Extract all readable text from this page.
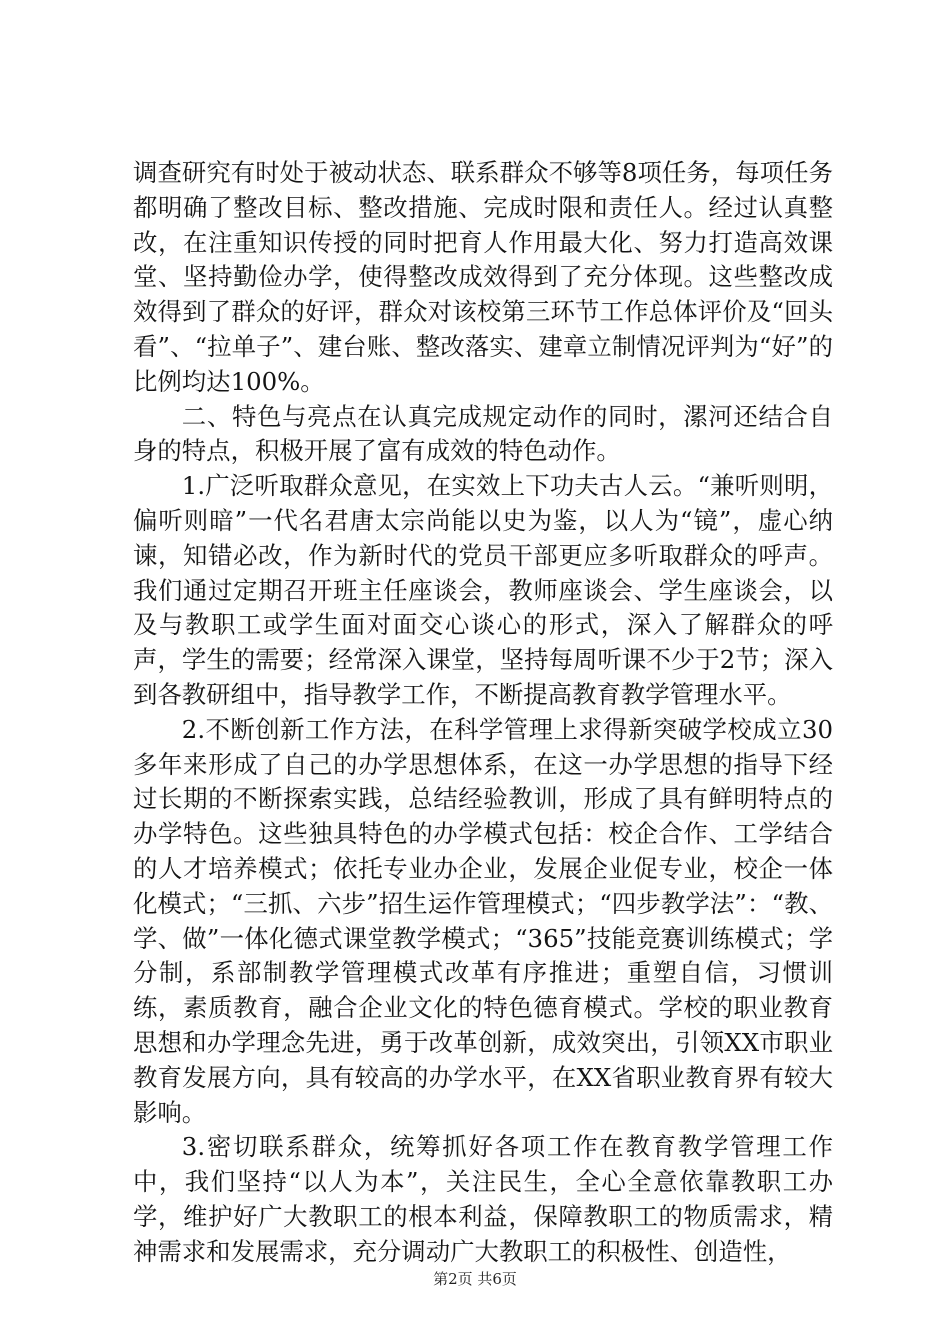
调查研究有时处于被动状态、联系群众不够等8项任务，每项任务都明确了整改目标、整改措施、完成时限和责任人。经过认真整改，在注重知识传授的同时把育人作用最大化、努力打造高效课堂、坚持勤俭办学，使得整改成效得到了充分体现。这些整改成效得到了群众的好评，群众对该校第三环节工作总体评价及“回头看”、“拉单子”、建台账、整改落实、建章立制情况评判为“好”的比例均达100%。

二、特色与亮点在认真完成规定动作的同时，漯河还结合自身的特点，积极开展了富有成效的特色动作。

1.广泛听取群众意见，在实效上下功夫古人云。“兼听则明，偏听则暗”一代名君唐太宗尚能以史为鉴，以人为“镜”，虚心纳谏，知错必改，作为新时代的党员干部更应多听取群众的呼声。我们通过定期召开班主任座谈会，教师座谈会、学生座谈会，以及与教职工或学生面对面交心谈心的形式，深入了解群众的呼声，学生的需要；经常深入课堂，坚持每周听课不少于2节；深入到各教研组中，指导教学工作，不断提高教育教学管理水平。

2.不断创新工作方法，在科学管理上求得新突破学校成立30多年来形成了自己的办学思想体系，在这一办学思想的指导下经过长期的不断探索实践，总结经验教训，形成了具有鲜明特点的办学特色。这些独具特色的办学模式包括：校企合作、工学结合的人才培养模式；依托专业办企业，发展企业促专业，校企一体化模式；“三抓、六步”招生运作管理模式；“四步教学法”：“教、学、做”一体化德式课堂教学模式；“365”技能竞赛训练模式；学分制，系部制教学管理模式改革有序推进；重塑自信，习惯训练，素质教育，融合企业文化的特色德育模式。学校的职业教育思想和办学理念先进，勇于改革创新，成效突出，引领XX市职业教育发展方向，具有较高的办学水平，在XX省职业教育界有较大影响。

3.密切联系群众，统筹抓好各项工作在教育教学管理工作中，我们坚持“以人为本”，关注民生，全心全意依靠教职工办学，维护好广大教职工的根本利益，保障教职工的物质需求，精神需求和发展需求，充分调动广大教职工的积极性、创造性，

第2页 共6页
